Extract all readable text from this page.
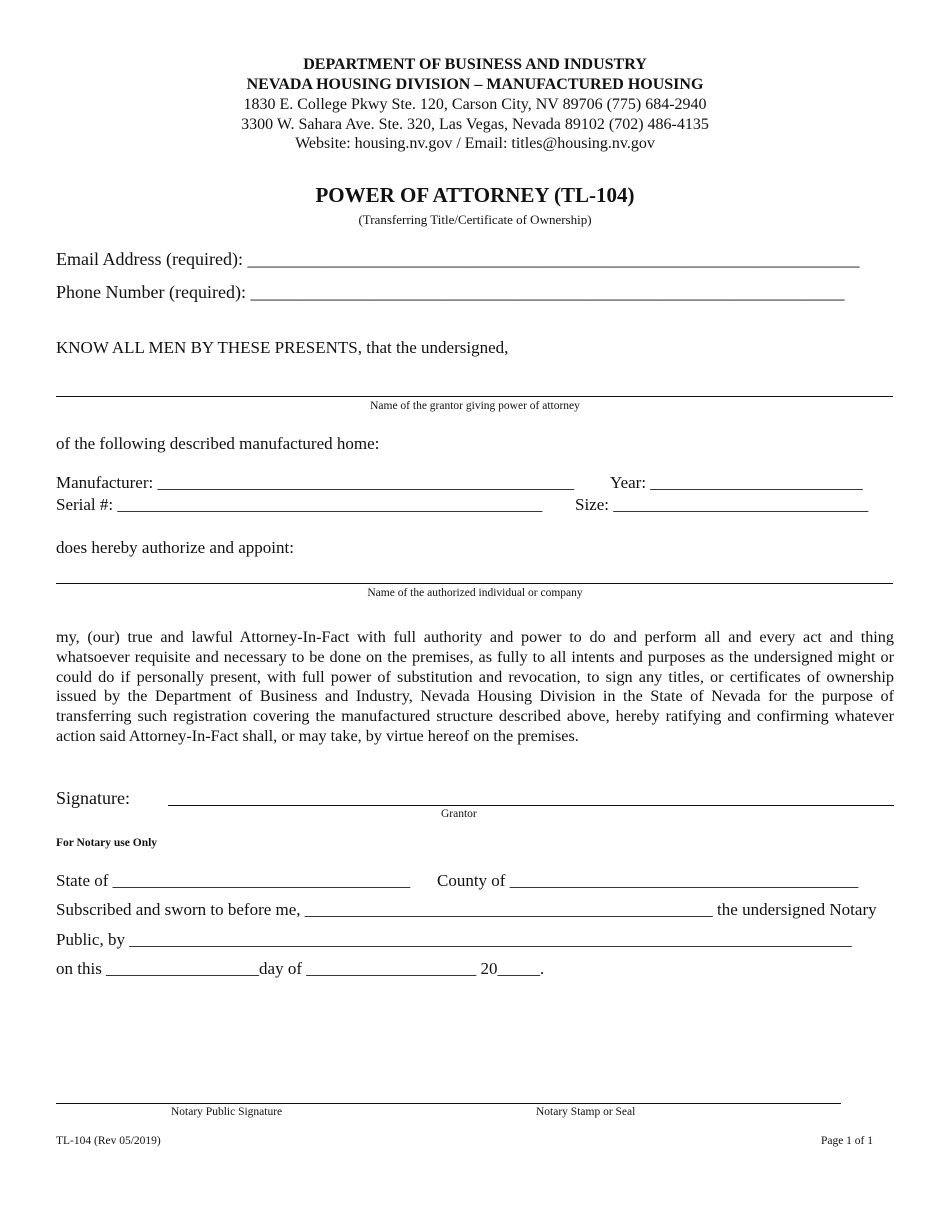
DEPARTMENT OF BUSINESS AND INDUSTRY
NEVADA HOUSING DIVISION – MANUFACTURED HOUSING
1830 E. College Pkwy Ste. 120, Carson City, NV 89706 (775) 684-2940
3300 W. Sahara Ave. Ste. 320, Las Vegas, Nevada 89102 (702) 486-4135
Website: housing.nv.gov / Email: titles@housing.nv.gov
POWER OF ATTORNEY (TL-104)
(Transferring Title/Certificate of Ownership)
Email Address (required): ____________________________________________________________________
Phone Number (required): __________________________________________________________________
KNOW ALL MEN BY THESE PRESENTS, that the undersigned,
Name of the grantor giving power of attorney
of the following described manufactured home:
Manufacturer: _________________________________________________ Year: _________________________
Serial #: __________________________________________________ Size: ______________________________
does hereby authorize and appoint:
Name of the authorized individual or company
my, (our) true and lawful Attorney-In-Fact with full authority and power to do and perform all and every act and thing whatsoever requisite and necessary to be done on the premises, as fully to all intents and purposes as the undersigned might or could do if personally present, with full power of substitution and revocation, to sign any titles, or certificates of ownership issued by the Department of Business and Industry, Nevada Housing Division in the State of Nevada for the purpose of transferring such registration covering the manufactured structure described above, hereby ratifying and confirming whatever action said Attorney-In-Fact shall, or may take, by virtue hereof on the premises.
Signature:
Grantor
For Notary use Only
State of ___________________________________ County of _________________________________________
Subscribed and sworn to before me, ________________________________________________ the undersigned Notary
Public, by _____________________________________________________________________________________
on this __________________day of ____________________ 20_____.
Notary Public Signature	Notary Stamp or Seal
TL-104 (Rev 05/2019)	Page 1 of 1
